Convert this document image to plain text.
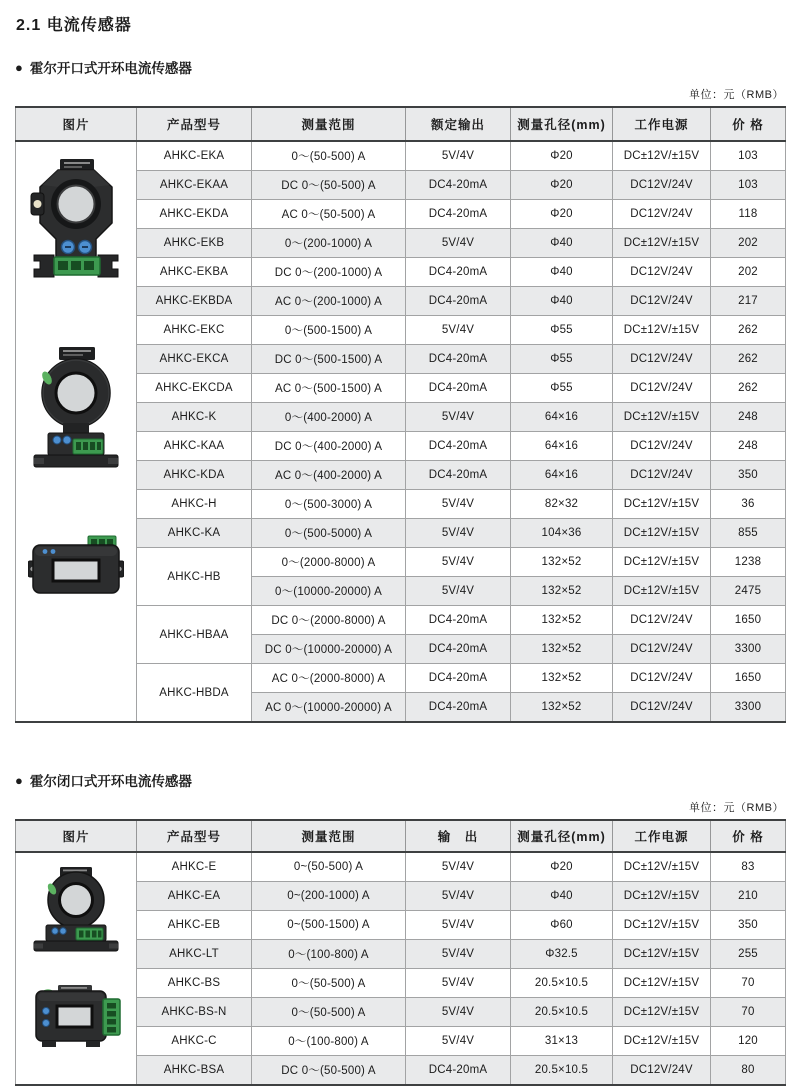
2.1 电流传感器
● 霍尔开口式开环电流传感器
单位：元（RMB）
图片	产品型号	测量范围	额定输出	测量孔径(mm)	工作电源	价 格

	AHKC-EKA	0～(50-500) A	5V/4V	Φ20	DC±12V/±15V	103
	AHKC-EKAA	DC 0～(50-500) A	DC4-20mA	Φ20	DC12V/24V	103
	AHKC-EKDA	AC 0～(50-500) A	DC4-20mA	Φ20	DC12V/24V	118
	AHKC-EKB	0～(200-1000) A	5V/4V	Φ40	DC±12V/±15V	202
	AHKC-EKBA	DC 0～(200-1000) A	DC4-20mA	Φ40	DC12V/24V	202
	AHKC-EKBDA	AC 0～(200-1000) A	DC4-20mA	Φ40	DC12V/24V	217
	AHKC-EKC	0～(500-1500) A	5V/4V	Φ55	DC±12V/±15V	262
	AHKC-EKCA	DC 0～(500-1500) A	DC4-20mA	Φ55	DC12V/24V	262
	AHKC-EKCDA	AC 0～(500-1500) A	DC4-20mA	Φ55	DC12V/24V	262
	AHKC-K	0～(400-2000) A	5V/4V	64×16	DC±12V/±15V	248
	AHKC-KAA	DC 0～(400-2000) A	DC4-20mA	64×16	DC12V/24V	248
	AHKC-KDA	AC 0～(400-2000) A	DC4-20mA	64×16	DC12V/24V	350
	AHKC-H	0～(500-3000) A	5V/4V	82×32	DC±12V/±15V	36
	AHKC-KA	0～(500-5000) A	5V/4V	104×36	DC±12V/±15V	855
	AHKC-HB	0～(2000-8000) A	5V/4V	132×52	DC±12V/±15V	1238
		0～(10000-20000) A	5V/4V	132×52	DC±12V/±15V	2475
	AHKC-HBAA	DC 0～(2000-8000) A	DC4-20mA	132×52	DC12V/24V	1650
		DC 0～(10000-20000) A	DC4-20mA	132×52	DC12V/24V	3300
	AHKC-HBDA	AC 0～(2000-8000) A	DC4-20mA	132×52	DC12V/24V	1650
		AC 0～(10000-20000) A	DC4-20mA	132×52	DC12V/24V	3300
● 霍尔闭口式开环电流传感器
单位：元（RMB）
图片	产品型号	测量范围	输　出	测量孔径(mm)	工作电源	价 格

	AHKC-E	0~(50-500) A	5V/4V	Φ20	DC±12V/±15V	83
	AHKC-EA	0~(200-1000) A	5V/4V	Φ40	DC±12V/±15V	210
	AHKC-EB	0~(500-1500) A	5V/4V	Φ60	DC±12V/±15V	350
	AHKC-LT	0～(100-800) A	5V/4V	Φ32.5	DC±12V/±15V	255
	AHKC-BS	0～(50-500) A	5V/4V	20.5×10.5	DC±12V/±15V	70
	AHKC-BS-N	0～(50-500) A	5V/4V	20.5×10.5	DC±12V/±15V	70
	AHKC-C	0～(100-800) A	5V/4V	31×13	DC±12V/±15V	120
	AHKC-BSA	DC 0～(50-500) A	DC4-20mA	20.5×10.5	DC12V/24V	80
